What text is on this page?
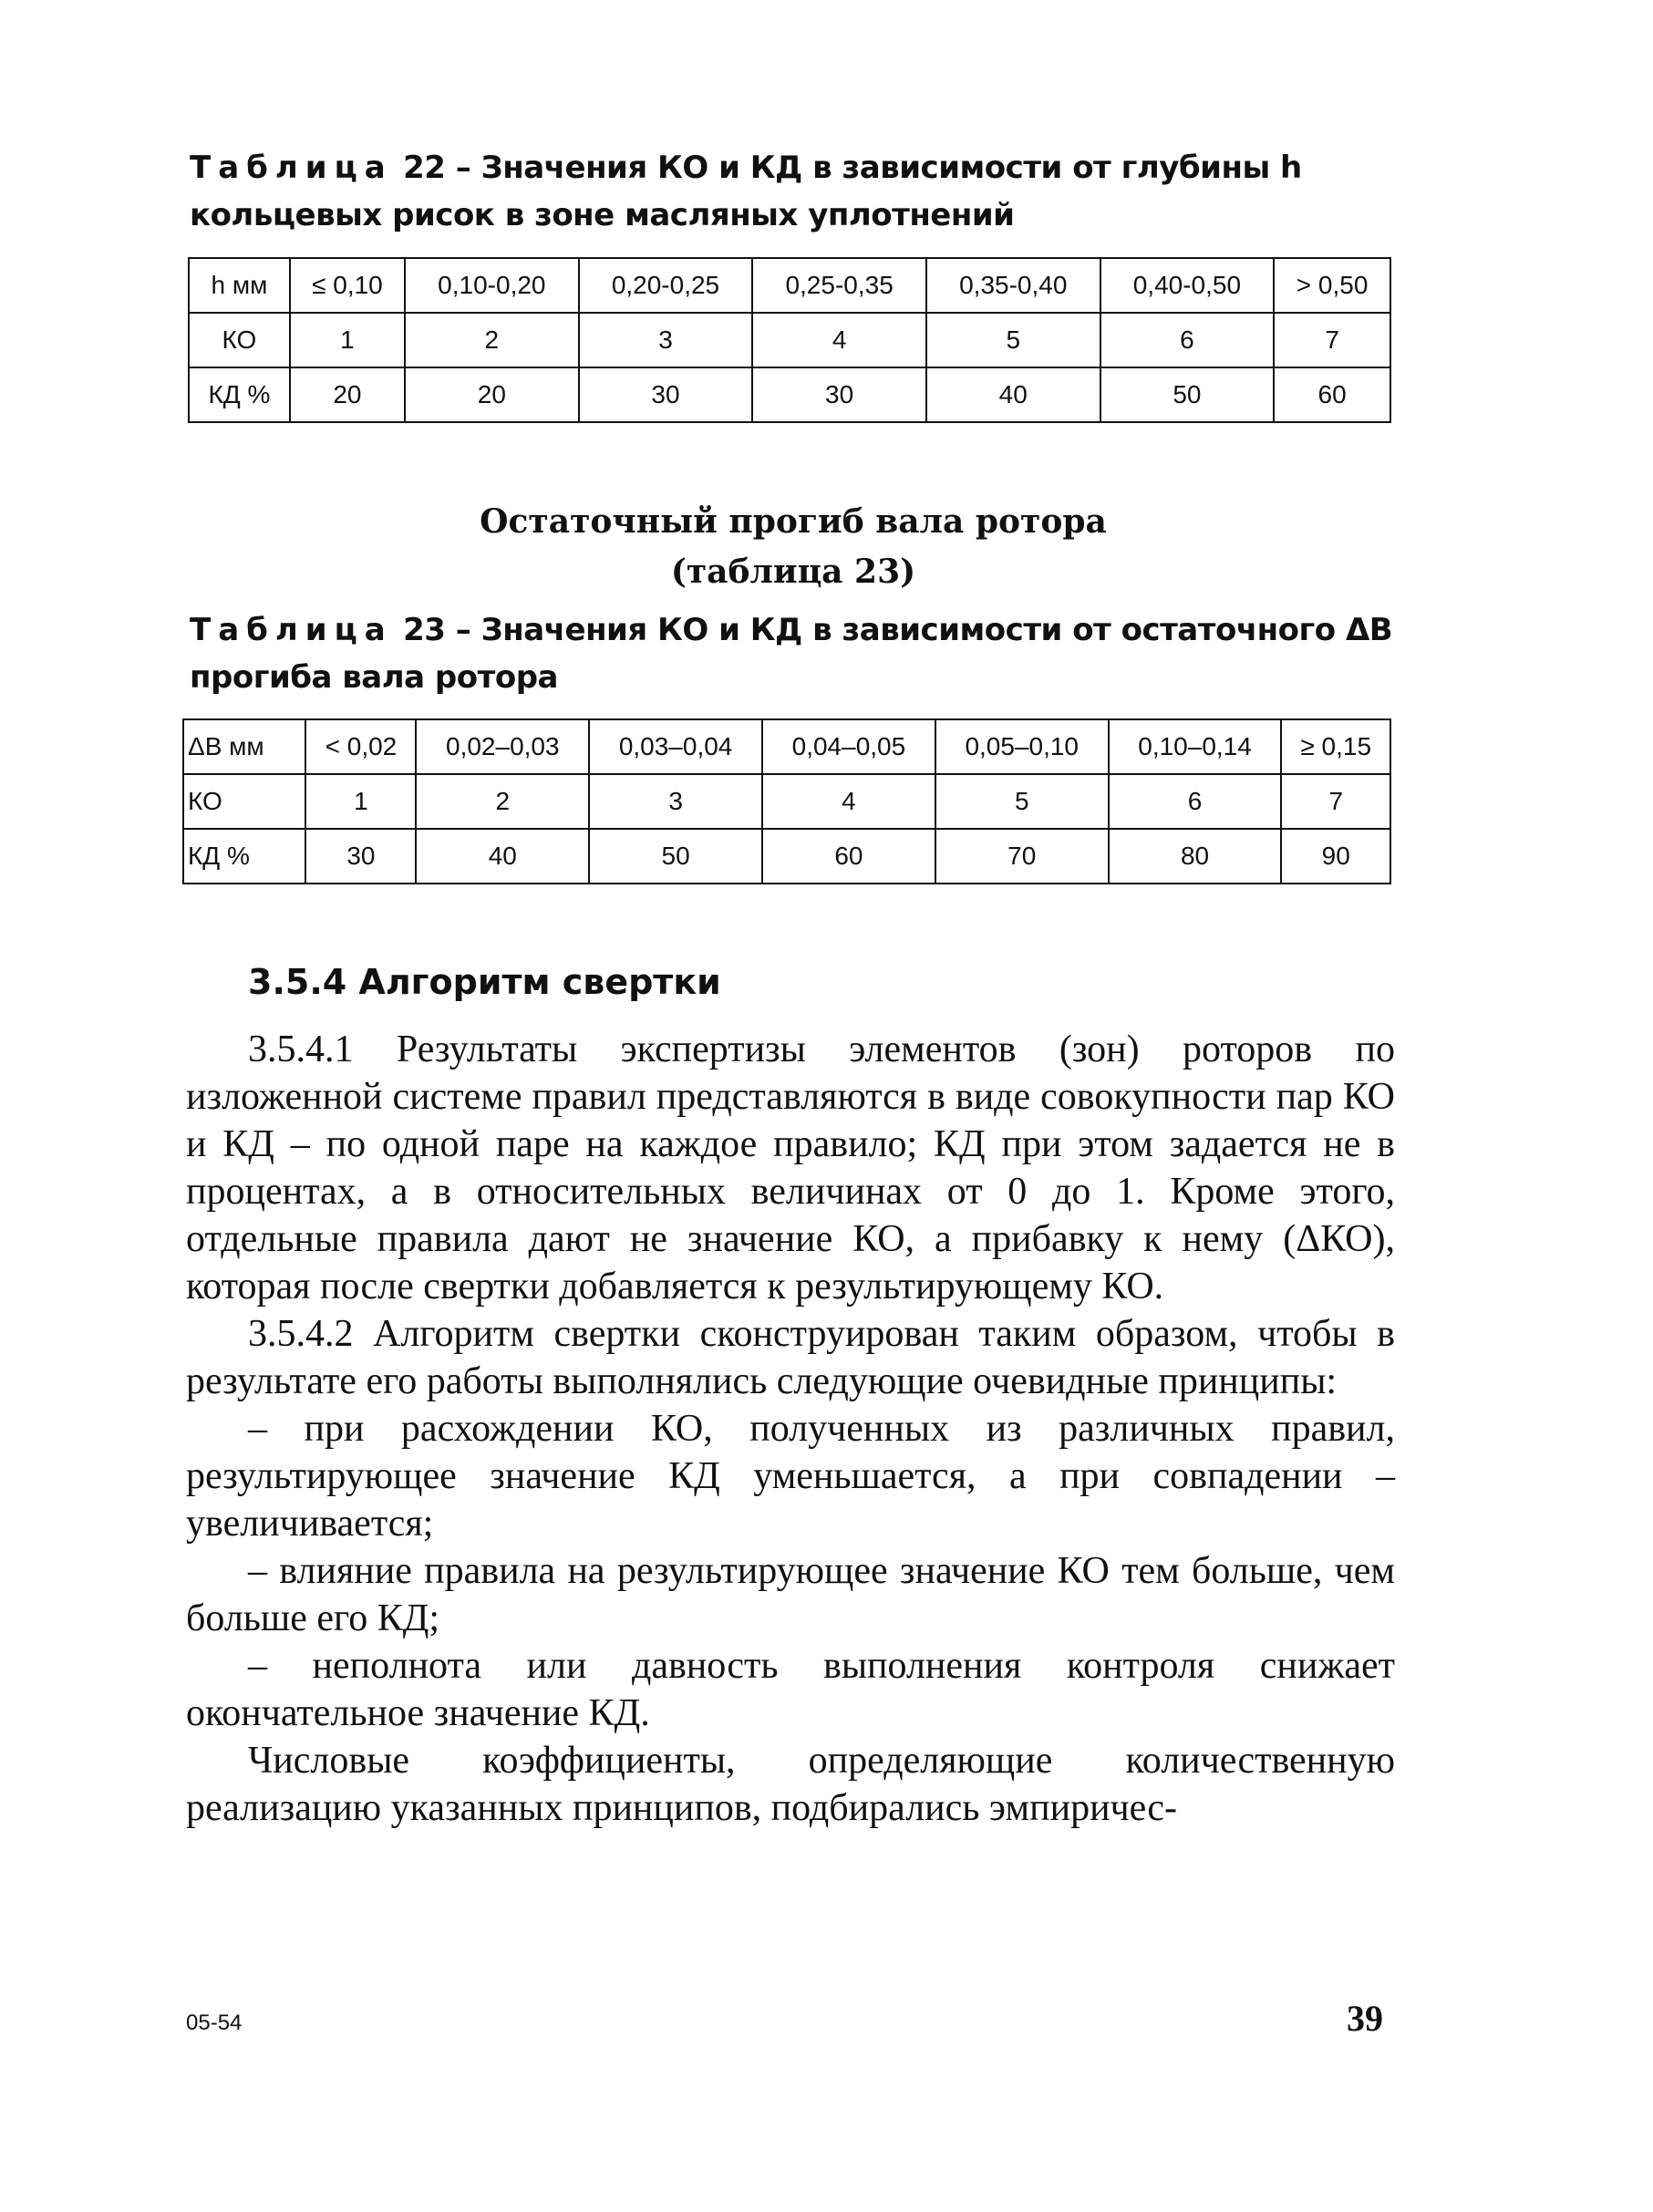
Таблица 22 – Значения КО и КД в зависимости от глубины h кольцевых рисок в зоне масляных уплотнений
h мм	≤ 0,10	0,10-0,20	0,20-0,25	0,25-0,35	0,35-0,40	0,40-0,50	> 0,50
КО	1	2	3	4	5	6	7
КД %	20	20	30	30	40	50	60
Остаточный прогиб вала ротора
(таблица 23)
Таблица 23 – Значения КО и КД в зависимости от остаточного ΔB прогиба вала ротора
ΔB мм	< 0,02	0,02–0,03	0,03–0,04	0,04–0,05	0,05–0,10	0,10–0,14	≥ 0,15
КО	1	2	3	4	5	6	7
КД %	30	40	50	60	70	80	90
3.5.4 Алгоритм свертки

3.5.4.1 Результаты экспертизы элементов (зон) роторов по изложенной системе правил представляются в виде совокупности пар КО и КД – по одной паре на каждое правило; КД при этом задается не в процентах, а в относительных величинах от 0 до 1. Кроме этого, отдельные правила дают не значение КО, а прибавку к нему (ΔКО), которая после свертки добавляется к результирующему КО.

3.5.4.2 Алгоритм свертки сконструирован таким образом, чтобы в результате его работы выполнялись следующие очевидные принципы:

– при расхождении КО, полученных из различных правил, результирующее значение КД уменьшается, а при совпадении – увеличивается;

– влияние правила на результирующее значение КО тем больше, чем больше его КД;

– неполнота или давность выполнения контроля снижает окончательное значение КД.

Числовые коэффициенты, определяющие количественную реализацию указанных принципов, подбирались эмпиричес-

05-54	39
